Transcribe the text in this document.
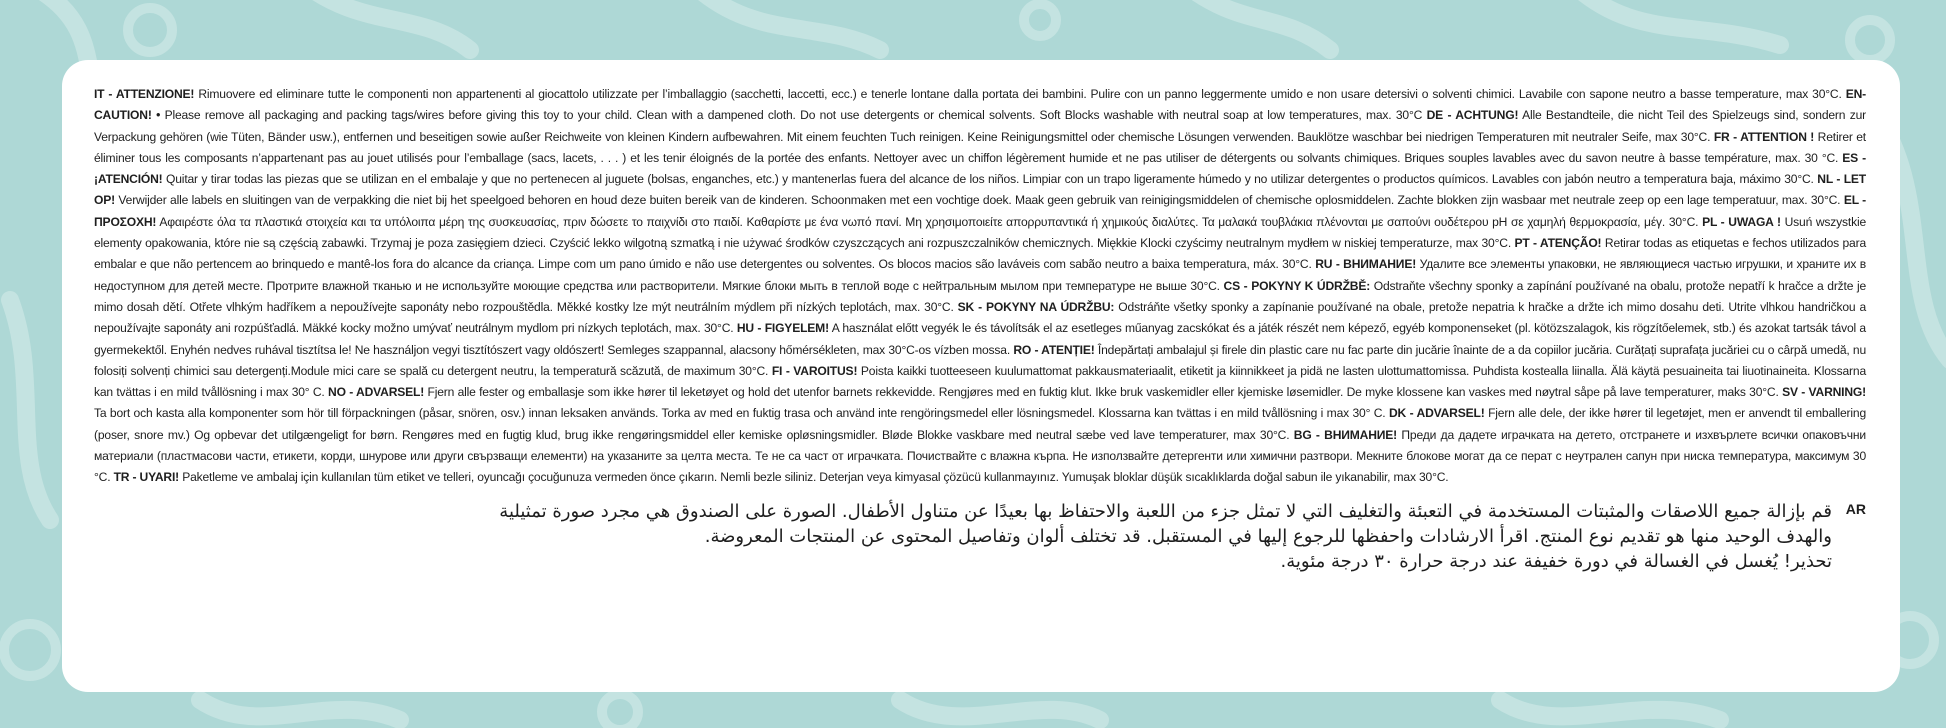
IT - ATTENZIONE! Rimuovere ed eliminare tutte le componenti non appartenenti al giocattolo utilizzate per l’imballaggio (sacchetti, laccetti, ecc.) e tenerle lontane dalla portata dei bambini. Pulire con un panno leggermente umido e non usare detersivi o solventi chimici. Lavabile con sapone neutro a basse temperature, max 30°C. EN- CAUTION! • Please remove all packaging and packing tags/wires before giving this toy to your child. Clean with a dampened cloth. Do not use detergents or chemical solvents. Soft Blocks washable with neutral soap at low temperatures, max. 30°C DE - ACHTUNG! Alle Bestandteile, die nicht Teil des Spielzeugs sind, sondern zur Verpackung gehören (wie Tüten, Bänder usw.), entfernen und beseitigen sowie außer Reichweite von kleinen Kindern aufbewahren. Mit einem feuchten Tuch reinigen. Keine Reinigungsmittel oder chemische Lösungen verwenden. Bauklötze waschbar bei niedrigen Temperaturen mit neutraler Seife, max 30°C. FR - ATTENTION ! Retirer et éliminer tous les composants n’appartenant pas au jouet utilisés pour l’emballage (sacs, lacets, . . . ) et les tenir éloignés de la portée des enfants. Nettoyer avec un chiffon légèrement humide et ne pas utiliser de détergents ou solvants chimiques. Briques souples lavables avec du savon neutre à basse température, max. 30 °C. ES - ¡ATENCIÓN! Quitar y tirar todas las piezas que se utilizan en el embalaje y que no pertenecen al juguete (bolsas, enganches, etc.) y mantenerlas fuera del alcance de los niños. Limpiar con un trapo ligeramente húmedo y no utilizar detergentes o productos químicos. Lavables con jabón neutro a temperatura baja, máximo 30°C. NL - LET OP! Verwijder alle labels en sluitingen van de verpakking die niet bij het speelgoed behoren en houd deze buiten bereik van de kinderen. Schoonmaken met een vochtige doek. Maak geen gebruik van reinigingsmiddelen of chemische oplosmiddelen. Zachte blokken zijn wasbaar met neutrale zeep op een lage temperatuur, max. 30°C. EL - ΠΡΟΣΟΧΗ! Αφαιρέστε όλα τα πλαστικά στοιχεία και τα υπόλοιπα μέρη της συσκευασίας, πριν δώσετε το παιχνίδι στο παιδί. Καθαρίστε με ένα νωπό πανί. Μη χρησιμοποιείτε απορρυπαντικά ή χημικούς διαλύτες. Τα μαλακά τουβλάκια πλένονται με σαπούνι ουδέτερου pH σε χαμηλή θερμοκρασία, μέγ. 30°C. PL - UWAGA ! Usuń wszystkie elementy opakowania, które nie są częścią zabawki. Trzymaj je poza zasięgiem dzieci. Czyścić lekko wilgotną szmatką i nie używać środków czyszczących ani rozpuszczalników chemicznych. Miękkie Klocki czyścimy neutralnym mydłem w niskiej temperaturze, max 30°C. PT - ATENÇÃO! Retirar todas as etiquetas e fechos utilizados para embalar e que não pertencem ao brinquedo e mantê-los fora do alcance da criança. Limpe com um pano úmido e não use detergentes ou solventes. Os blocos macios são laváveis com sabão neutro a baixa temperatura, máx. 30°C. RU - ВНИМАНИЕ! Удалите все элементы упаковки, не являющиеся частью игрушки, и храните их в недоступном для детей месте. Протрите влажной тканью и не используйте моющие средства или растворители. Мягкие блоки мыть в теплой воде с нейтральным мылом при температуре не выше 30°C. CS - POKYNY K ÚDRŽBĚ: Odstraňte všechny sponky a zapínání používané na obalu, protože nepatří k hračce a držte je mimo dosah dětí. Otřete vlhkým hadříkem a nepoužívejte saponáty nebo rozpouštědla. Měkké kostky lze mýt neutrálním mýdlem při nízkých teplotách, max. 30°C. SK - POKYNY NA ÚDRŽBU: Odstráňte všetky sponky a zapínanie používané na obale, pretože nepatria k hračke a držte ich mimo dosahu deti. Utrite vlhkou handričkou a nepoužívajte saponáty ani rozpúšťadlá. Mäkké kocky možno umývať neutrálnym mydlom pri nízkych teplotách, max. 30°C. HU - FIGYELEM! A használat előtt vegyék le és távolítsák el az esetleges műanyag zacskókat és a játék részét nem képező, egyéb komponenseket (pl. kötözszalagok, kis rögzítőelemek, stb.) és azokat tartsák távol a gyermekektől. Enyhén nedves ruhával tisztítsa le! Ne használjon vegyi tisztítószert vagy oldószert! Semleges szappannal, alacsony hőmérsékleten, max 30°C-os vízben mossa. RO - ATENȚIE! Îndepărtați ambalajul și firele din plastic care nu fac parte din jucărie înainte de a da copiilor jucăria. Curățați suprafața jucăriei cu o cârpă umedă, nu folosiți solvenți chimici sau detergenți.Module mici care se spală cu detergent neutru, la temperatură scăzută, de maximum 30°C. FI - VAROITUS! Poista kaikki tuotteeseen kuulumattomat pakkausmateriaalit, etiketit ja kiinnikkeet ja pidä ne lasten ulottumattomissa. Puhdista kostealla liinalla. Älä käytä pesuaineita tai liuotinaineita. Klossarna kan tvättas i en mild tvållösning i max 30° C. NO - ADVARSEL! Fjern alle fester og emballasje som ikke hører til leketøyet og hold det utenfor barnets rekkevidde. Rengjøres med en fuktig klut. Ikke bruk vaskemidler eller kjemiske løsemidler. De myke klossene kan vaskes med nøytral såpe på lave temperaturer, maks 30°C. SV - VARNING! Ta bort och kasta alla komponenter som hör till förpackningen (påsar, snören, osv.) innan leksaken används. Torka av med en fuktig trasa och använd inte rengöringsmedel eller lösningsmedel. Klossarna kan tvättas i en mild tvållösning i max 30° C. DK - ADVARSEL! Fjern alle dele, der ikke hører til legetøjet, men er anvendt til emballering (poser, snore mv.) Og opbevar det utilgængeligt for børn. Rengøres med en fugtig klud, brug ikke rengøringsmiddel eller kemiske opløsningsmidler. Bløde Blokke vaskbare med neutral sæbe ved lave temperaturer, max 30°C. BG - ВНИМАНИЕ! Преди да дадете играчката на детето, отстранете и изхвърлете всички опаковъчни материали (пластмасови части, етикети, корди, шнурове или други свързващи елементи) на указаните за целта места. Те не са част от играчката. Почиствайте с влажна кърпа. Не използвайте детергенти или химични разтвори. Мекните блокове могат да се перат с неутрален сапун при ниска температура, максимум 30 °C. TR - UYARI! Paketleme ve ambalaj için kullanılan tüm etiket ve telleri, oyuncağı çocuğunuza vermeden önce çıkarın. Nemli bezle siliniz. Deterjan veya kimyasal çözücü kullanmayınız. Yumuşak bloklar düşük sıcaklıklarda doğal sabun ile yıkanabilir, max 30°C.

AR

قم بإزالة جميع اللاصقات والمثبتات المستخدمة في التعبئة والتغليف التي لا تمثل جزء من اللعبة والاحتفاظ بها بعيدًا عن متناول الأطفال. الصورة على الصندوق هي مجرد صورة تمثيلية
والهدف الوحيد منها هو تقديم نوع المنتج. اقرأ الارشادات واحفظها للرجوع إليها في المستقبل. قد تختلف ألوان وتفاصيل المحتوى عن المنتجات المعروضة.
تحذير! يُغسل في الغسالة في دورة خفيفة عند درجة حرارة ٣٠ درجة مئوية.
